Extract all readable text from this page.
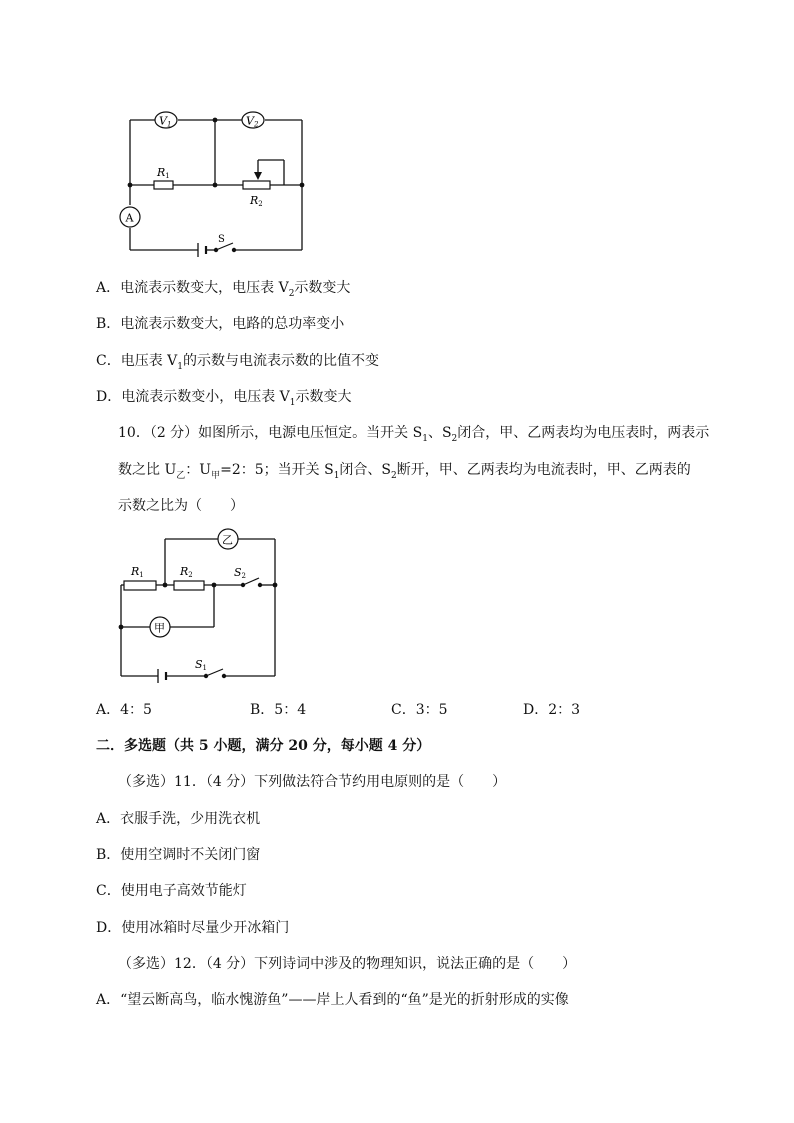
V1	V2
R1
R2
A
S
A．电流表示数变大，电压表 $V_2$示数变大
B．电流表示数变大，电路的总功率变小
C．电压表 $V_1$的示数与电流表示数的比值不变
D．电流表示数变小，电压表 $V_1$示数变大
10．（2 分）如图所示，电源电压恒定。当开关 $S_1$、$S_2$闭合，甲、乙两表均为电压表时，两表示
数之比 $U_乙$：$U_甲=2$：5；当开关 $S_1$闭合、$S_2$断开，甲、乙两表均为电流表时，甲、乙两表的
示数之比为（　　）
乙
R1	R2	S2
甲
S1
A．4：5	B．5：4	C．3：5	D．2：3
二．多选题（共 5 小题，满分 20 分，每小题 4 分）
（多选）11．（4 分）下列做法符合节约用电原则的是（　　）
A．衣服手洗，少用洗衣机
B．使用空调时不关闭门窗
C．使用电子高效节能灯
D．使用冰箱时尽量少开冰箱门
（多选）12．（4 分）下列诗词中涉及的物理知识，说法正确的是（　　）
A．“望云断高鸟，临水愧游鱼”——岸上人看到的“鱼”是光的折射形成的实像
